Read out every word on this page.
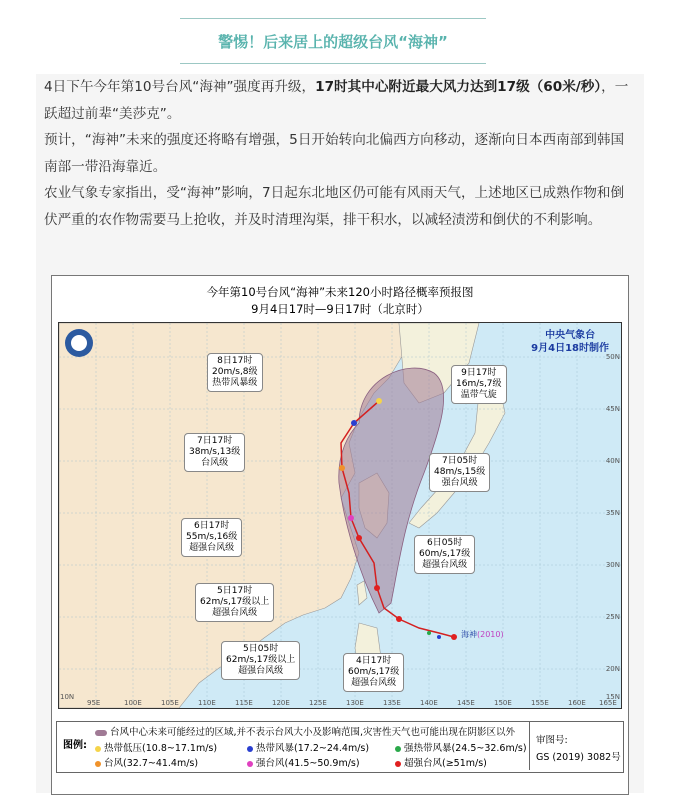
警惕！后来居上的超级台风“海神”

4日下午今年第10号台风“海神”强度再升级，17时其中心附近最大风力达到17级（60米/秒），一跃超过前辈“美莎克”。

预计，“海神”未来的强度还将略有增强，5日开始转向北偏西方向移动，逐渐向日本西南部到韩国南部一带沿海靠近。

农业气象专家指出，受“海神”影响，7日起东北地区仍可能有风雨天气，上述地区已成熟作物和倒伏严重的农作物需要马上抢收，并及时清理沟渠，排干积水，以减轻渍涝和倒伏的不利影响。

今年第10号台风“海神”未来120小时路径概率预报图
9月4日17时—9日17时（北京时）
中央气象台
9月4日18时制作
8日17时
20m/s,8级
热带风暴级
9日17时
16m/s,7级
温带气旋
7日17时
38m/s,13级
台风级	7日05时
48m/s,15级
强台风级
6日17时
55m/s,16级
超强台风级	6日05时
60m/s,17级
超强台风级
5日17时
62m/s,17级以上
超强台风级
5日05时
62m/s,17级以上
超强台风级
4日17时
60m/s,17级
超强台风级
海神(2010)
95E	100E	105E	110E	115E	120E	125E	130E	135E	140E	145E	150E	155E	160E 165E
50N
45N
40N
35N
30N
25N
20N
15N
10N
图例:
台风中心未来可能经过的区域,并不表示台风大小及影响范围,灾害性天气也可能出现在阴影区以外
热带低压(10.8~17.1m/s)	热带风暴(17.2~24.4m/s)	强热带风暴(24.5~32.6m/s)
台风(32.7~41.4m/s)	强台风(41.5~50.9m/s)	超强台风(≥51m/s)
审图号:
GS (2019) 3082号
